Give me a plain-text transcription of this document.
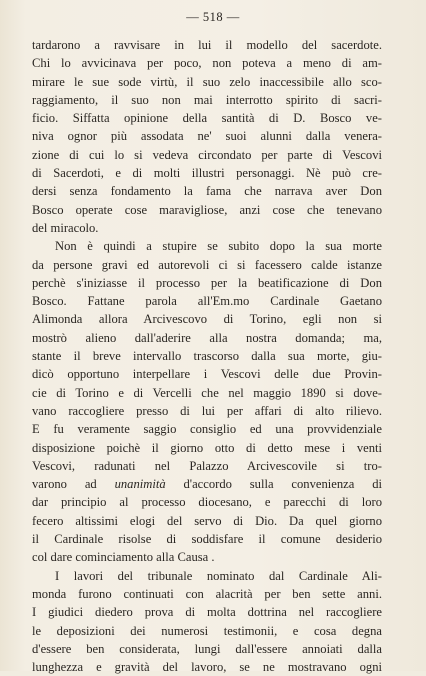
— 518 —
tardarono a ravvisare in lui il modello del sacerdote.
Chi lo avvicinava per poco, non poteva a meno di am-
mirare le sue sode virtù, il suo zelo inaccessibile allo sco-
raggiamento, il suo non mai interrotto spirito di sacri-
ficio. Siffatta opinione della santità di D. Bosco ve-
niva ognor più assodata ne' suoi alunni dalla venera-
zione di cui lo si vedeva circondato per parte di Vescovi
di Sacerdoti, e di molti illustri personaggi. Nè può cre-
dersi senza fondamento la fama che narrava aver Don
Bosco operate cose maravigliose, anzi cose che tenevano
del miracolo.
Non è quindi a stupire se subito dopo la sua morte
da persone gravi ed autorevoli ci si facessero calde istanze
perchè s'iniziasse il processo per la beatificazione di Don
Bosco. Fattane parola all'Em.mo Cardinale Gaetano
Alimonda allora Arcivescovo di Torino, egli non si
mostrò alieno dall'aderire alla nostra domanda; ma,
stante il breve intervallo trascorso dalla sua morte, giu-
dicò opportuno interpellare i Vescovi delle due Provin-
cie di Torino e di Vercelli che nel maggio 1890 si dove-
vano raccogliere presso di lui per affari di alto rilievo.
E fu veramente saggio consiglio ed una provvidenziale
disposizione poichè il giorno otto di detto mese i venti
Vescovi, radunati nel Palazzo Arcivescovile si tro-
varono ad unanimità d'accordo sulla convenienza di
dar principio al processo diocesano, e parecchi di loro
fecero altissimi elogi del servo di Dio. Da quel giorno
il Cardinale risolse di soddisfare il comune desiderio
col dare cominciamento alla Causa .
I lavori del tribunale nominato dal Cardinale Ali-
monda furono continuati con alacrità per ben sette anni.
I giudici diedero prova di molta dottrina nel raccogliere
le deposizioni dei numerosi testimonii, e cosa degna
d'essere ben considerata, lungi dall'essere annoiati dalla
lunghezza e gravità del lavoro, se ne mostravano ogni
